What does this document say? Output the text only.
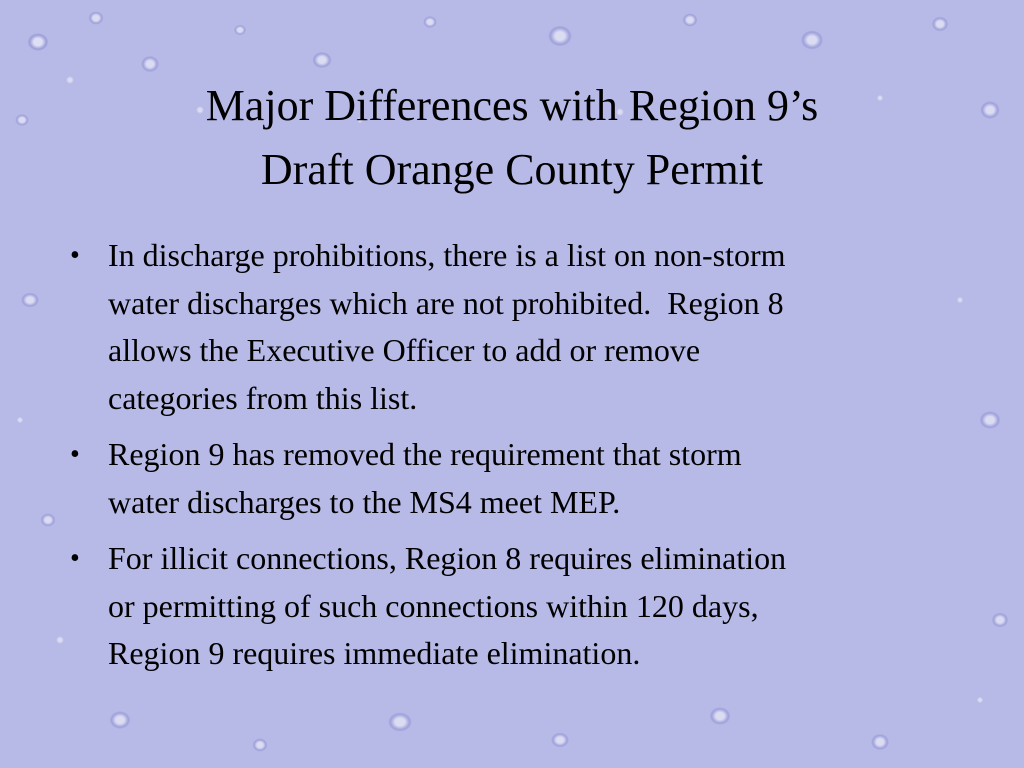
Major Differences with Region 9’s
Draft Orange County Permit
• In discharge prohibitions, there is a list on non-storm
water discharges which are not prohibited.  Region 8
allows the Executive Officer to add or remove
categories from this list.
• Region 9 has removed the requirement that storm
water discharges to the MS4 meet MEP.
• For illicit connections, Region 8 requires elimination
or permitting of such connections within 120 days,
Region 9 requires immediate elimination.
